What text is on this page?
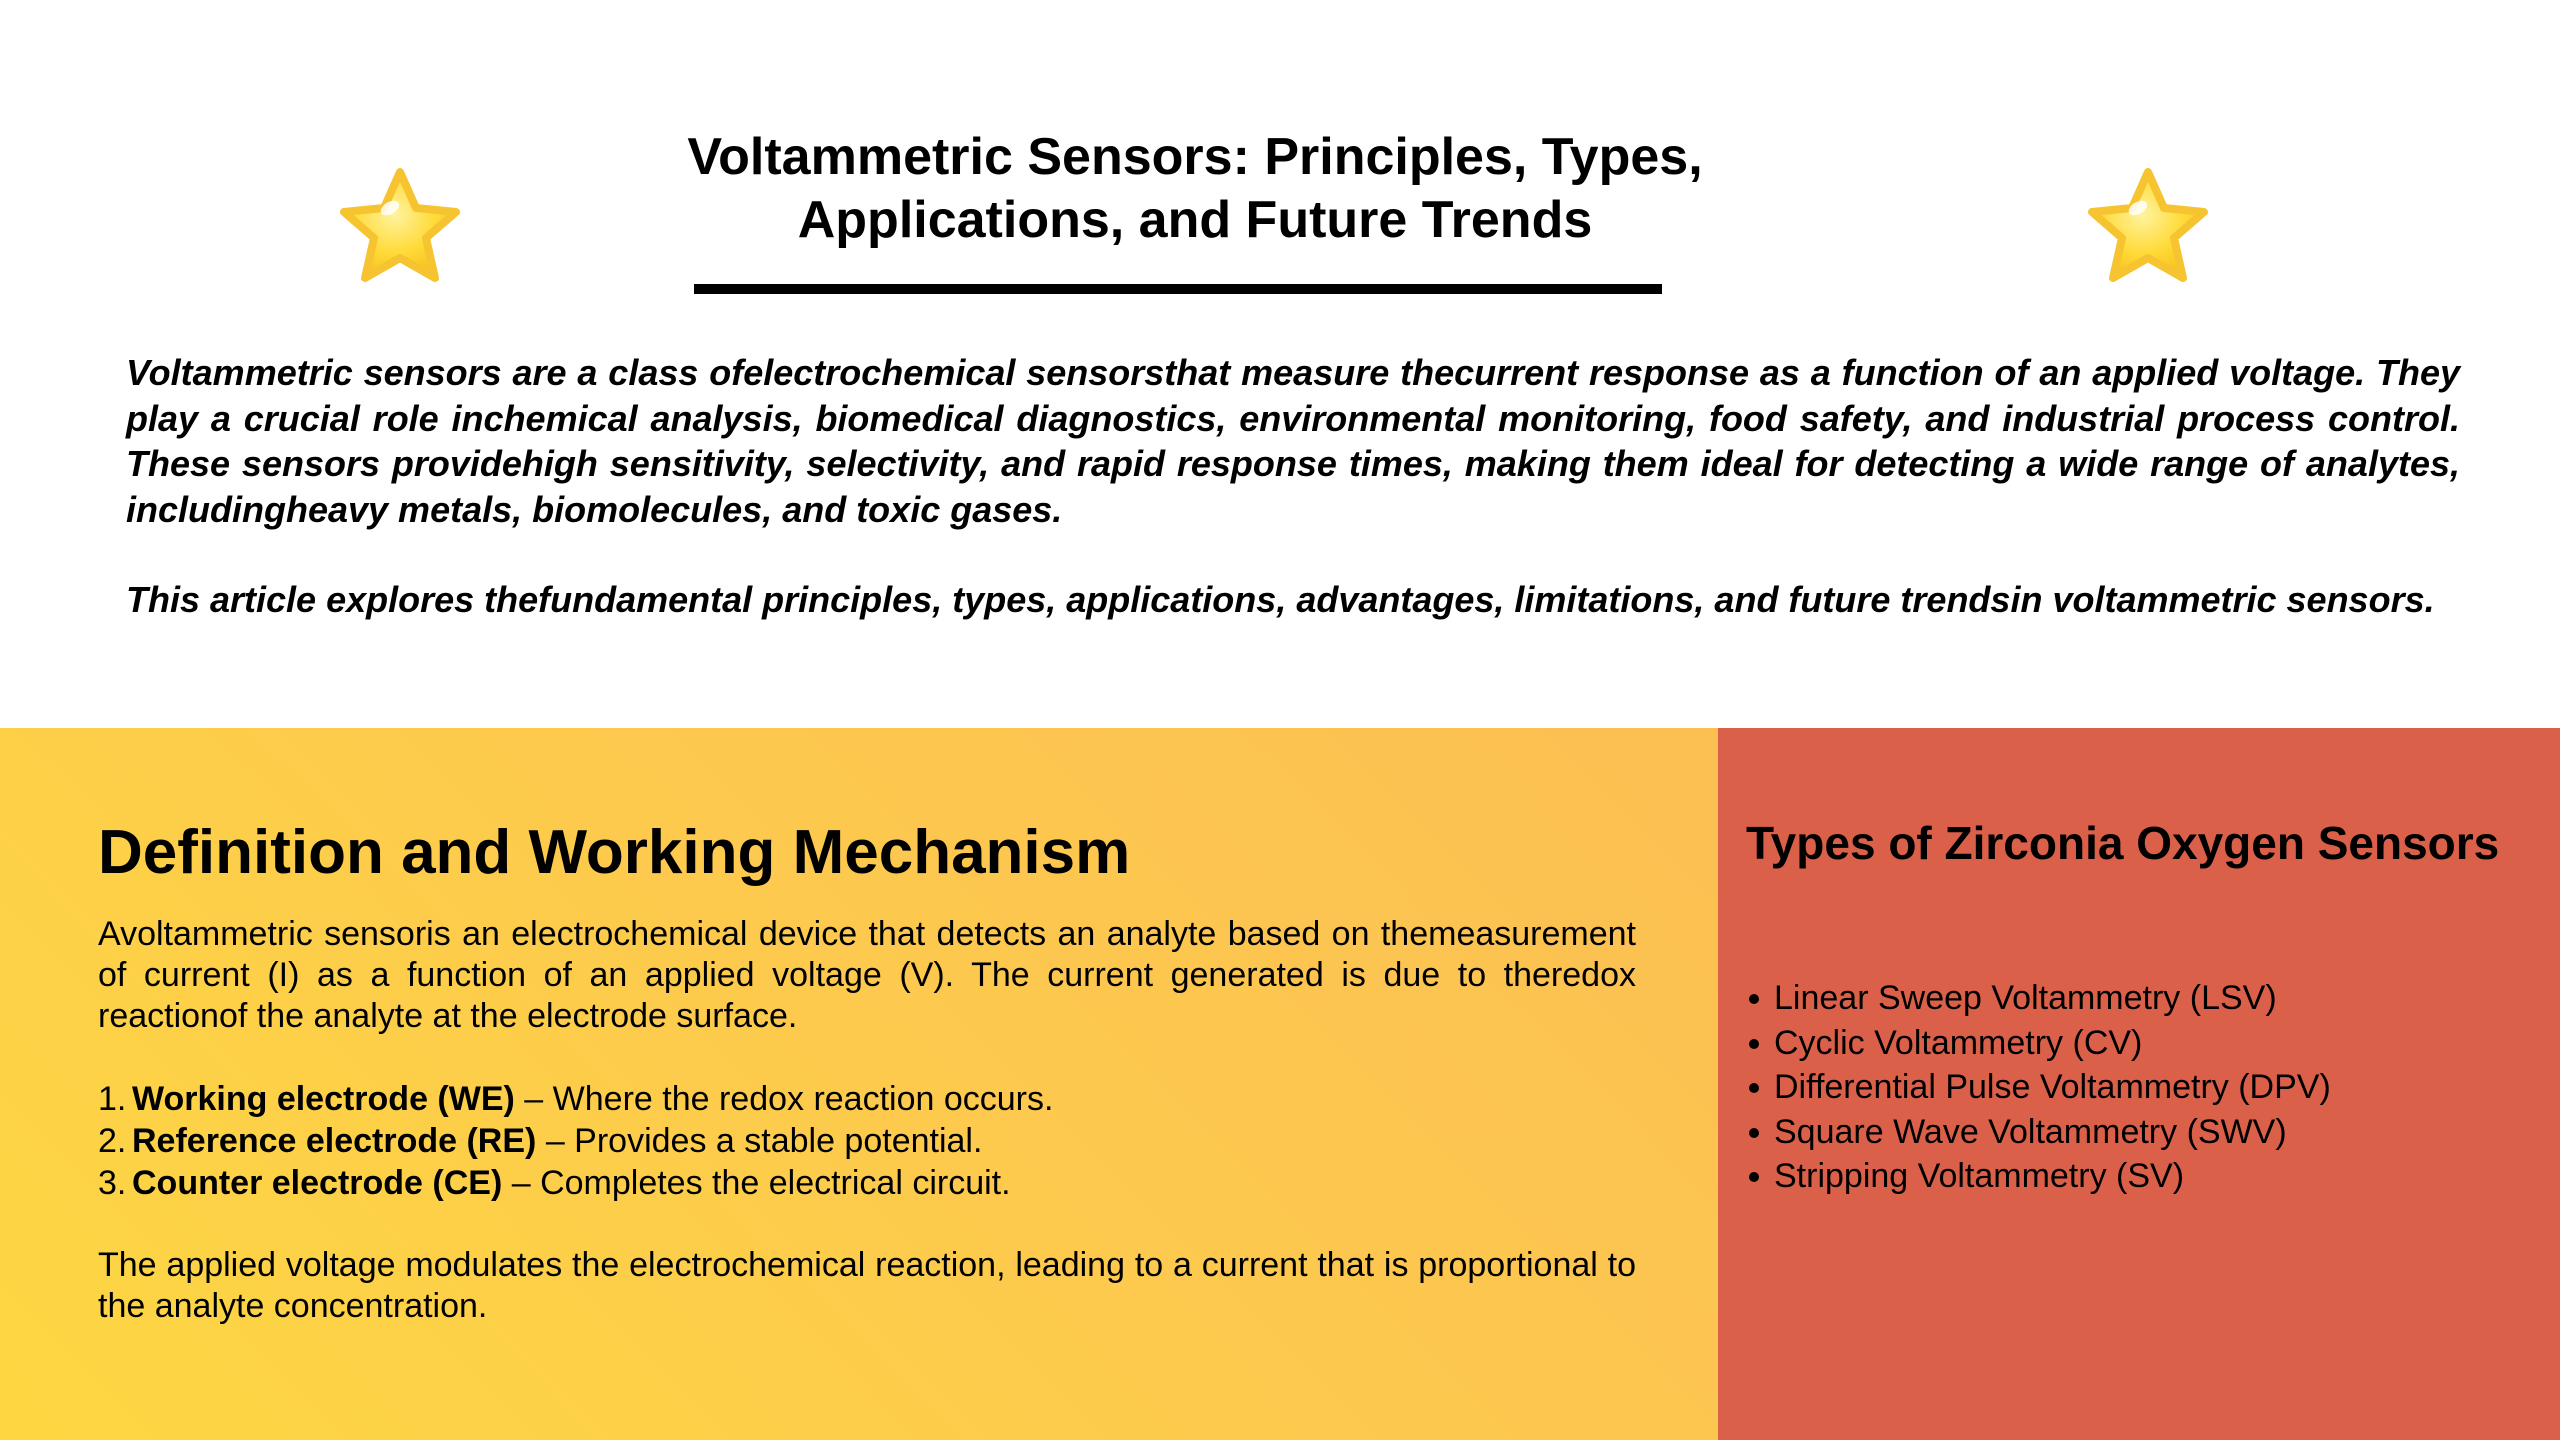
Voltammetric Sensors: Principles, Types,
Applications, and Future Trends

Voltammetric sensors are a class ofelectrochemical sensorsthat measure thecurrent response as a function of an applied voltage. They play a crucial role inchemical analysis, biomedical diagnostics, environmental monitoring, food safety, and industrial process control. These sensors providehigh sensitivity, selectivity, and rapid response times, making them ideal for detecting a wide range of analytes, includingheavy metals, biomolecules, and toxic gases.

This article explores thefundamental principles, types, applications, advantages, limitations, and future trendsin voltammetric sensors.

Definition and Working Mechanism

Avoltammetric sensoris an electrochemical device that detects an analyte based on themeasurement of current (I) as a function of an applied voltage (V). The current generated is due to theredox reactionof the analyte at the electrode surface.

Working electrode (WE) – Where the redox reaction occurs.
Reference electrode (RE) – Provides a stable potential.
Counter electrode (CE) – Completes the electrical circuit.

The applied voltage modulates the electrochemical reaction, leading to a current that is proportional to the analyte concentration.

Types of Zirconia Oxygen Sensors
Linear Sweep Voltammetry (LSV)
Cyclic Voltammetry (CV)
Differential Pulse Voltammetry (DPV)
Square Wave Voltammetry (SWV)
Stripping Voltammetry (SV)
